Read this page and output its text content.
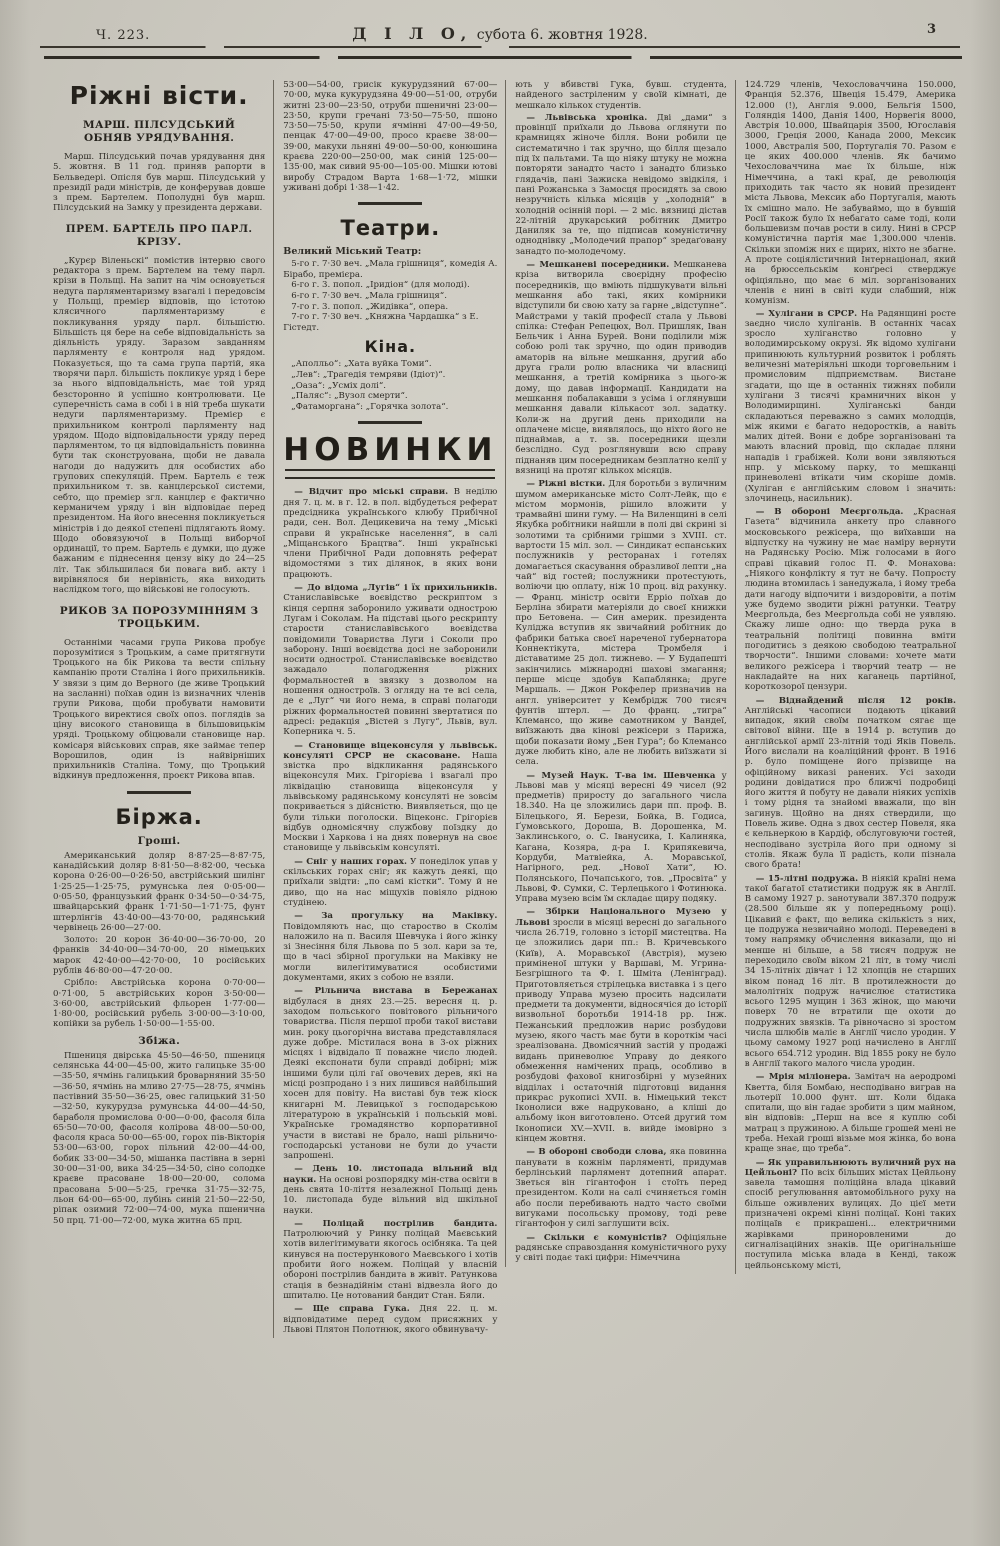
Ч. 223.	Д І Л О, субота 6. жовтня 1928.	3
Ріжні вісти.
МАРШ. ПІЛСУДСЬКИЙ ОБНЯВ УРЯДУВАННЯ.

Марш. Пілсудський почав урядування дня 5. жовтня. В 11 год. приняв рапорти в Бельведері. Опісля був марш. Пілсудський у президії ради міністрів, де конферував довше з прем. Бартелем. Пополудні був марш. Пілсудський на Замку у президента держави.

ПРЕМ. БАРТЕЛЬ ПРО ПАРЛ. КРІЗУ.

„Курєр Віленьскі“ помістив інтервю свого редактора з прем. Бартелем на тему парл. крізи в Польщі. На запит на чім основується недуга парляментаризму взагалі і передовсім у Польщі, премієр відповів, що істотою клясичного парляментаризму є покликування уряду парл. більшістю. Більшість ця бере на себе відповідальність за діяльність уряду. Заразом завданням парляменту є контроля над урядом. Показується, що та сама група партій, яка творячи парл. більшість покликує уряд і бере за нього відповідальність, має той уряд безсторонно й успішно контролювати. Це суперечність сама в собі і в ній треба шукати недуги парляментаризму. Премієр є прихильником контролі парляменту над урядом. Щодо відповідальности уряду перед парляментом, то ця відповідальність повинна бути так сконструована, щоби не давала нагоди до надужить для особистих або групових спекуляцій. Прем. Бартель є теж прихильником т. зв. канцлєрської системи, себто, що премієр згл. канцлєр є фактично керманичем уряду і він відповідає перед президентом. На його внесення покликується міністрів і до деякої степені підлягають йому. Щодо обовязуючої в Польщі виборчої ординації, то прем. Бартель є думки, що дуже бажаним є піднесення цензу віку до 24—25 літ. Так збільшилася би повага виб. акту і вирівнялося би нерівність, яка виходить наслідком того, що військові не голосують.

РИКОВ ЗА ПОРОЗУМІННЯМ З ТРОЦЬКИМ.

Останніми часами група Рикова пробує порозумітися з Троцьким, а саме притягнути Троцького на бік Рикова та вести спільну кампанію проти Сталіна і його прихильників. У звязи з цим до Верного (де живе Троцький на засланні) поїхав один із визначних членів групи Рикова, щоби пробувати намовити Троцького виректися своїх опоз. поглядів за ціну високого становища в більшовицькім уряді. Троцькому обіцювали становище нар. комісаря військових справ, яке займає тепер Ворошилов, один із найвірніших прихильників Сталіна. Тому, що Троцький відкинув предложення, проєкт Рикова впав.

Біржа.
Гроші.

Американський доляр 8·87·25—8·87·75, канадійський доляр 8·81·50—8·82·00, чеська корона 0·26·00—0·26·50, австрійський шилінг 1·25·25—1·25·75, румунська лея 0·05·00—0·05·50, французький франк 0·34·50—0·34·75, швайцарський франк 1·71·50—1·71·75, фунт штерлінгів 43·40·00—43·70·00, радянський червінець 26·00—27·00.

Золото: 20 корон 36·40·00—36·70·00, 20 франків 34·40·00—34·70·00, 20 німецьких марок 42·40·00—42·70·00, 10 російських рублів 46·80·00—47·20·00.

Срібло: Австрійська корона 0·70·00—0·71·00, 5 австрійських корон 3·50·00—3·60·00, австрійський фльорен 1·77·00—1·80·00, російський рубель 3·00·00—3·10·00, копійки за рубель 1·50·00—1·55·00.

Збіжа.

Пшениця двірська 45·50—46·50, пшениця селянська 44·00—45·00, жито галицьке 35·00—35·50, ячмінь галицький броварняний 35·50—36·50, ячмінь на мливо 27·75—28·75, ячмінь пастівний 35·50—36·25, овес галицький 31·50—32·50, кукурудза румунська 44·00—44·50, бараболя промислова 0·00—0·00, фасоля біла 65·50—70·00, фасоля колірова 48·00—50·00, фасоля краса 50·00—65·00, горох пів-Вікторія 53·00—63·00, горох пільний 42·00—44·00, бобик 33·00—34·50, мішанка пастівна в зерні 30·00—31·00, вика 34·25—34·50, сіно солодке краєве прасоване 18·00—20·00, солома прасована 5·00—5·25, гречка 31·75—32·75, льон 64·00—65·00, лубінь синій 21·50—22·50, ріпак озимий 72·00—74·00, мука пшенична 50 прц. 71·00—72·00, мука житна 65 прц.

53·00—54·00, грисік кукурудзяний 67·00—70·00, мука кукурудзяна 49·00—51·00, отруби житні 23·00—23·50, отруби пшеничні 23·00—23·50, крупи гречані 73·50—75·50, пшоно 73·50—75·50, крупи ячмінні 47·00—49·50, пенцак 47·00—49·00, просо краєве 38·00—39·00, макухи льняні 49·00—50·00, конюшина краєва 220·00—250·00, мак синій 125·00—135·00, мак сивий 95·00—105·00. Мішки ютові виробу Страдом Варта 1·68—1·72, мішки уживані добрі 1·38—1·42.

Театри.
Великий Міський Театр:
5-го г. 7·30 веч. „Мала грішниця“, комедія А. Бірабо, премієра.
6-го г. 3. попол. „Іридіон“ (для молоді).
6-го г. 7·30 веч. „Мала грішниця“.
7-го г. 3. попол. „Жидівка“, опера.
7-го г. 7·30 веч. „Княжна Чардашка“ з Е. Гістедт.
Кіна.
„Аполльо“: „Хата вуйка Томи“.
„Лев“: „Трагедія темряви (Ідіот)“.
„Оаза“: „Усміх долі“.
„Паляс“: „Вузол смерти“.
„Фатаморгана“: „Горячка золота“.
НОВИНКИ

— Відчит про міські справи. В неділю дня 7. ц. м. в г. 12. в пол. відбудеться реферат предсідника українського клюбу Прибічної ради, сен. Вол. Децикевича на тему „Міські справи й українське населення“, в салі „Міщанського Брацтва“. Інші українські члени Прибічної Ради доповнять реферат відомостями з тих ділянок, в яких вони працюють.

— До відома „Лугів“ і їх прихильників. Станиславівське воєвідство рескриптом з кінця серпня заборонило уживати однострою Лугам і Соколам. На підставі цього рескрипту старости станиславівського воєвідства повідомили Товариства Луги і Соколи про заборону. Інші воєвідства досі не заборонили носити однострої. Станиславівське воєвідство зажадало полагодження ріжних формальностей в звязку з дозволом на ношення одностроїв. З огляду на те всі села, де є „Луг“ чи його нема, в справі полагоди ріжних формальностей повинні звертатися по адресі: редакція „Вістей з Лугу“, Львів, вул. Коперника ч. 5.

— Становище віцеконсуля у львівськ. консуляті СРСР не скасоване. Наша звістка про відкликання радянського віцеконсуля Мих. Грігорієва і взагалі про ліквідацію становища віцеконсуля у львівському радянському консуляті не зовсім покривається з дійсністю. Виявляється, що це були тільки поголоски. Віцеконс. Грігорієв відбув одномісячну службову поїздку до Москви і Харкова і на днях повернув на своє становище у львівськім консуляті.

— Сніг у наших горах. У понеділок упав у скільських горах сніг; як кажуть деякі, що приїхали звідти: „по самі кістки“. Тому й не диво, що на нас міщухів повіяло рідною студінею.

— За прогульку на Маківку. Повідомляють нас, що староство в Сколім наложило на п. Василя Шевчука і його жінку зі Знесіння біля Львова по 5 зол. кари за те, що в часі збірної прогульки на Маківку не могли вилегітимуватися особистими документами, яких з собою не взяли.

— Рільнича вистава в Бережанах відбулася в днях 23.—25. вересня ц. р. заходом польського повітового рільничого товариства. Після першої проби такої вистави мин. року цьогорічна вистава представлялася дуже добре. Містилася вона в 3-ох ріжних місцях і відвідало її поважне число людей. Деякі експонати були справді добірні; між іншими були цілі гаї овочевих дерев, які на місці розпродано і з них лишився найбільший хосен для повіту. На виставі був теж кіоск книгарні М. Левицької з господарською літературою в українській і польській мові. Українське громадянство корпоративної участи в виставі не брало, наші рільничо-господарські установи не були до участи запрошені.

— День 10. листопада вільний від науки. На основі розпорядку мін-ства освіти в день свята 10-ліття незалежної Польщі день 10. листопада буде вільний від шкільної науки.

— Поліцай пострілив бандита. Патролюючий у Ринку поліцай Маєвський хотів вилегітимувати якогось осібняка. Та цей кинувся на постерункового Маєвського і хотів пробити його ножем. Поліцай у власній обороні пострілив бандита в живіт. Ратункова стація в безнадійнім стані відвезла його до шпиталю. Це нотований бандит Стан. Бяли.

— Ще справа Гука. Дня 22. ц. м. відповідатиме перед судом присяжних у Львові Плятон Полотнюк, якого обвинувачу-

ють у вбивстві Гука, бувш. студента, найденого застріленим у своїй кімнаті, де мешкало кількох студентів.

— Львівська хроніка. Дві „дами“ з провінції приїхали до Львова оглянути по крамницях жіноче білля. Вони робили це систематично і так зручно, що білля щезало під їх пальтами. Та що ніяку штуку не можна повторяти занадто часто і занадто близько глядачів, пані Зажиска невідомо звідкіля, і пані Рожанська з Замосця просидять за свою незручність кілька місяців у „холодній“ в холодній осінній порі. — 2 міс. вязниці дістав 22-літній друкарський робітник Дмитро Даниляк за те, що підписав комуністичну одноднівку „Молодечий прапор“ зредаґовану занадто по-молодечому.

— Мешканеві посередники. Мешканева кріза витворила своєрідну професію посередників, що вміють підшукувати вільні мешкання або такі, яких комірники відступили би свою хату за гарне „відступне“. Майстрами у такій професії стала у Львові спілка: Стефан Репецюх, Вол. Пришляк, Іван Бельчик і Анна Бурей. Вони поділили між собою ролі так зручно, що один приводив аматорів на вільне мешкання, другий або друга грали ролю власника чи власниці мешкання, а третій комірника з цього-ж дому, що давав інформації. Кандидати на мешкання побалакавши з усіма і оглянувши мешкання давали кількасот зол. задатку. Коли-ж на другий день приходили на оплачене місце, виявлялось, що ніхто його не піднаймав, а т. зв. посередники щезли безслідно. Суд розглянувши всю справу піднаняв цим посередникам безплатно келії у вязниці на протяг кількох місяців.

— Ріжні вістки. Для боротьби з вуличним шумом американське місто Солт-Лейк, що є містом мормонів, рішило вложити у трамвайні шини гуму. — На Виленщині в селі Якубка робітники найшли в полі дві скрині зі золотими та срібними грішми з XVIII. ст. вартости 15 міл. зол. — Синдикат еспанських послужників у ресторанах і готелях домагається скасування образливої лепти „на чай“ від гостей; послужники протестують, воліючи цю оплату, ніж 10 проц. від рахунку. — Франц. міністр освіти Ерріо поїхав до Берліна збирати матеріяли до своєї книжки про Бетовена. — Син америк. президента Куліджа вступив як звичайний робітник до фабрики батька своєї нареченої губернатора Коннектікута, містера Тромбеля і діставатиме 25 дол. тижнево. — У Будапешті закінчились міжнародні шахові змагання; перше місце здобув Капаблянка; друге Маршаль. — Джон Рокфелер призначив на англ. університет у Кембрідж 700 тисяч фунтів штерл. — До франц. „тигра“ Клемансо, що живе самотником у Вандеї, виїзжають два кінові режісери з Парижа, щоби показати йому „Бен Гура“; бо Клемансо дуже любить кіно, але не любить виїзжати зі села.

— Музей Наук. Т-ва ім. Шевченка у Львові мав у місяці вересні 49 чисел (92 предметів) приросту до загального числа 18.340. На це зложились дари пп. проф. В. Білецького, Я. Берези, Бойка, В. Годиса, Ґумовського, Дороша, В. Дорошенка, М. Заклинського, о. С. Іванусика, І. Калиняка, Кагана, Козяра, д-ра І. Крипякевича, Кордуби, Матвіейка, А. Моравської, Нагірного, ред. „Нової Хати“, Ю. Полянського, Почапського, тов. „Просвіта“ у Львові, Ф. Сумки, С. Терлецького і Фотинюка. Управа музею всім їм складає щиру подяку.

— Збірки Національного Музею у Львові зросли в місяці вересні до загального числа 26.719, головно з історії мистецтва. На це зложились дари пп.: В. Кричевського (Київ), А. Моравської (Австрія), музею приміненої штуки у Варшаві, М. Угрина-Безгрішного та Ф. І. Шміта (Ленінград). Приготовляється стрілецька виставка і з цего приводу Управа музею просить надсилати предмети та документи, відносячіся до історії визвольної боротьби 1914-18 рр. Інж. Пежанський предложив нарис розбудови музею, якого часть має бути в короткім часі зреалізована. Двомісячний застій у продажі видань приневолює Управу до деякого обмеження намічених праць, особливо в розбудові фахової книгозбірні у музейних відділах і остаточній підготовці видання прикрас рукописі XVII. в. Німецький текст Іконолиси вже надруковано, а кліші до альбому ікон виготовлено. Отсей другий том Іконописи XV.—XVII. в. вийде імовірно з кінцем жовтня.

— В обороні свободи слова, яка повинна панувати в кожнім парляменті, придумав берлінський парлямент дотепний апарат. Зветься він гігантофон і стоїть перед президентом. Коли на салі счиняється гомін або посли перебивають надто часто своїми вигуками посольську промову, тоді реве гігантофон у силі заглушити всіх.

— Скільки є комуністів? Офіціяльне радянське справоздання комуністичного руху у світі подає такі цифри: Німеччина

124.729 членів, Чехословаччина 150.000, Франція 52.376, Швеція 15.479, Америка 12.000 (!), Англія 9.000, Бельгія 1500, Голяндія 1400, Данія 1400, Норвегія 8000, Австрія 10.000, Швайцарія 3500, Югославія 3000, Греція 2000, Канада 2000, Мексик 1000, Австралія 500, Португалія 70. Разом є це яких 400.000 членів. Як бачимо Чехословаччина має їх більше, ніж Німеччина, а такі краї, де революція приходить так часто як новий президент міста Львова, Мексик або Португалія, мають їх смішно мало. Не забуваймо, що в бувшій Росії також було їх небагато саме тоді, коли большевизм почав рости в силу. Нині в СРСР комуністична партія має 1,300.000 членів. Скільки зпоміж них є щирих, ніхто не збагне. А проте соціялістичний Інтернаціонал, який на брюссельськім конґресі стверджує офіціяльно, що має 6 міл. зорганізованих членів є нині в світі куди слабший, ніж комунізм.

— Хулігани в СРСР. На Радянщині росте заєдно число хуліганів. В останніх часах зросло хуліганство головно у володимирському окрузі. Як відомо хулігани припинюють культурний розвиток і роблять величезні матеріяльні шкоди торговельним і промисловим підприємствам. Вистане згадати, що ще в останніх тижнях побили хулігани 3 тисячі крамничних вікон у Володимирщині. Хуліганські банди складаються переважно з самих молодців, між якими є багато недоростків, а навіть малих дітей. Вони є добре зорганізовані та мають власний провід, що складає пляни нападів і грабіжей. Коли вони зявляються нпр. у міському парку, то мешканці приневолені втікати чим скоріше домів. (Хуліган є англійським словом і значить: злочинець, насильник).

— В обороні Меєргольда. „Красная Газета“ відчинила анкету про славного московського режісера, що виїхавши на відпустку на чужину не має наміру вернути на Радянську Росію. Між голосами в його справі цікавий голос П. Ф. Монахова: „Ніякого конфлікту я тут не бачу. Попросту людина втомилась і занедужала, і йому треба дати нагоду відпочити і виздоровіти, а потім уже будемо зводити ріжні ратунки. Театру Меєргольда, без Меєргольда собі не уявляю. Скажу лише одно: що тверда рука в театральній політиці повинна вміти погодитись з деякою свободою театральної творчости“. Іншими словами: хочете мати великого режісера і творчий театр — не накладайте на них каганець партійної, короткозорої цензури.

— Віднайдений після 12 років. Англійські часописи подають цікавий випадок, який своїм початком сягає ще світової війни. Ще в 1914 р. вступив до англійської армії 23-літній тоді Яків Повель. Його вислали на коаліційний фронт. В 1916 р. було поміщене його прізвище на офіційному виказі ранених. Усі заходи родини довідатися про ближчі подробиці його життя й побуту не давали ніяких успіхів і тому рідня та знайомі вважали, що він загинув. Щойно на днях ствердили, що Повель живе. Одна з двох сестер Повеля, яка є кельнеркою в Кардіф, обслуговуючи гостей, несподівано зустріла його при одному зі столів. Якаж була її радість, коли пізнала свого брата!

— 15-літні подружа. В ніякій країні нема такої багатої статистики подруж як в Англії. В самому 1927 р. занотували 387.370 подруж (28.500 більше як у попередньому році). Цікавий є факт, що велика скількість з них, це подружа незвичайно молоді. Переведені в тому напрямку обчислення виказали, що ні менше ні більше, а 58 тисяч подруж не переходило своїм віком 21 літ, в тому числі 34 15-літніх дівчат і 12 хлопців не старших віком понад 16 літ. В протилежности до малолітніх подруж начислює статистика всього 1295 мущин і 363 жінок, що маючи поверх 70 не втратили ще охоти до подружних звязків. Та рівночасно зі зростом числа шлюбів маліє в Англії число уродин. У цьому самому 1927 році начислено в Англії всього 654.712 уродин. Від 1855 року не було в Англії такого малого числа уродин.

— Мрія міліонера. Замітач на аеродромі Кветта, біля Бомбаю, несподівано виграв на льотерії 10.000 фунт. шт. Коли бідака спитали, що він гадає зробити з цим майном, він відповів: „Перш на все я куплю собі матрац з пружиною. А більше грошей мені не треба. Нехай гроші візьме моя жінка, бо вона краще знає, що треба“.

— Як управильнюють вуличний рух на Цейльоні? По всіх більших містах Цейльону завела тамошня поліційна влада цікавий спосіб регулювання автомобільного руху на більше оживлених вулицях. До цієї мети призначені окремі кінні поліцаї. Коні таких поліцаїв є прикрашені... електричними жарівками приноровленими до сигналізаційних знаків. Ще оригінальніше поступила міська влада в Кенді, також цейльонському місті,
